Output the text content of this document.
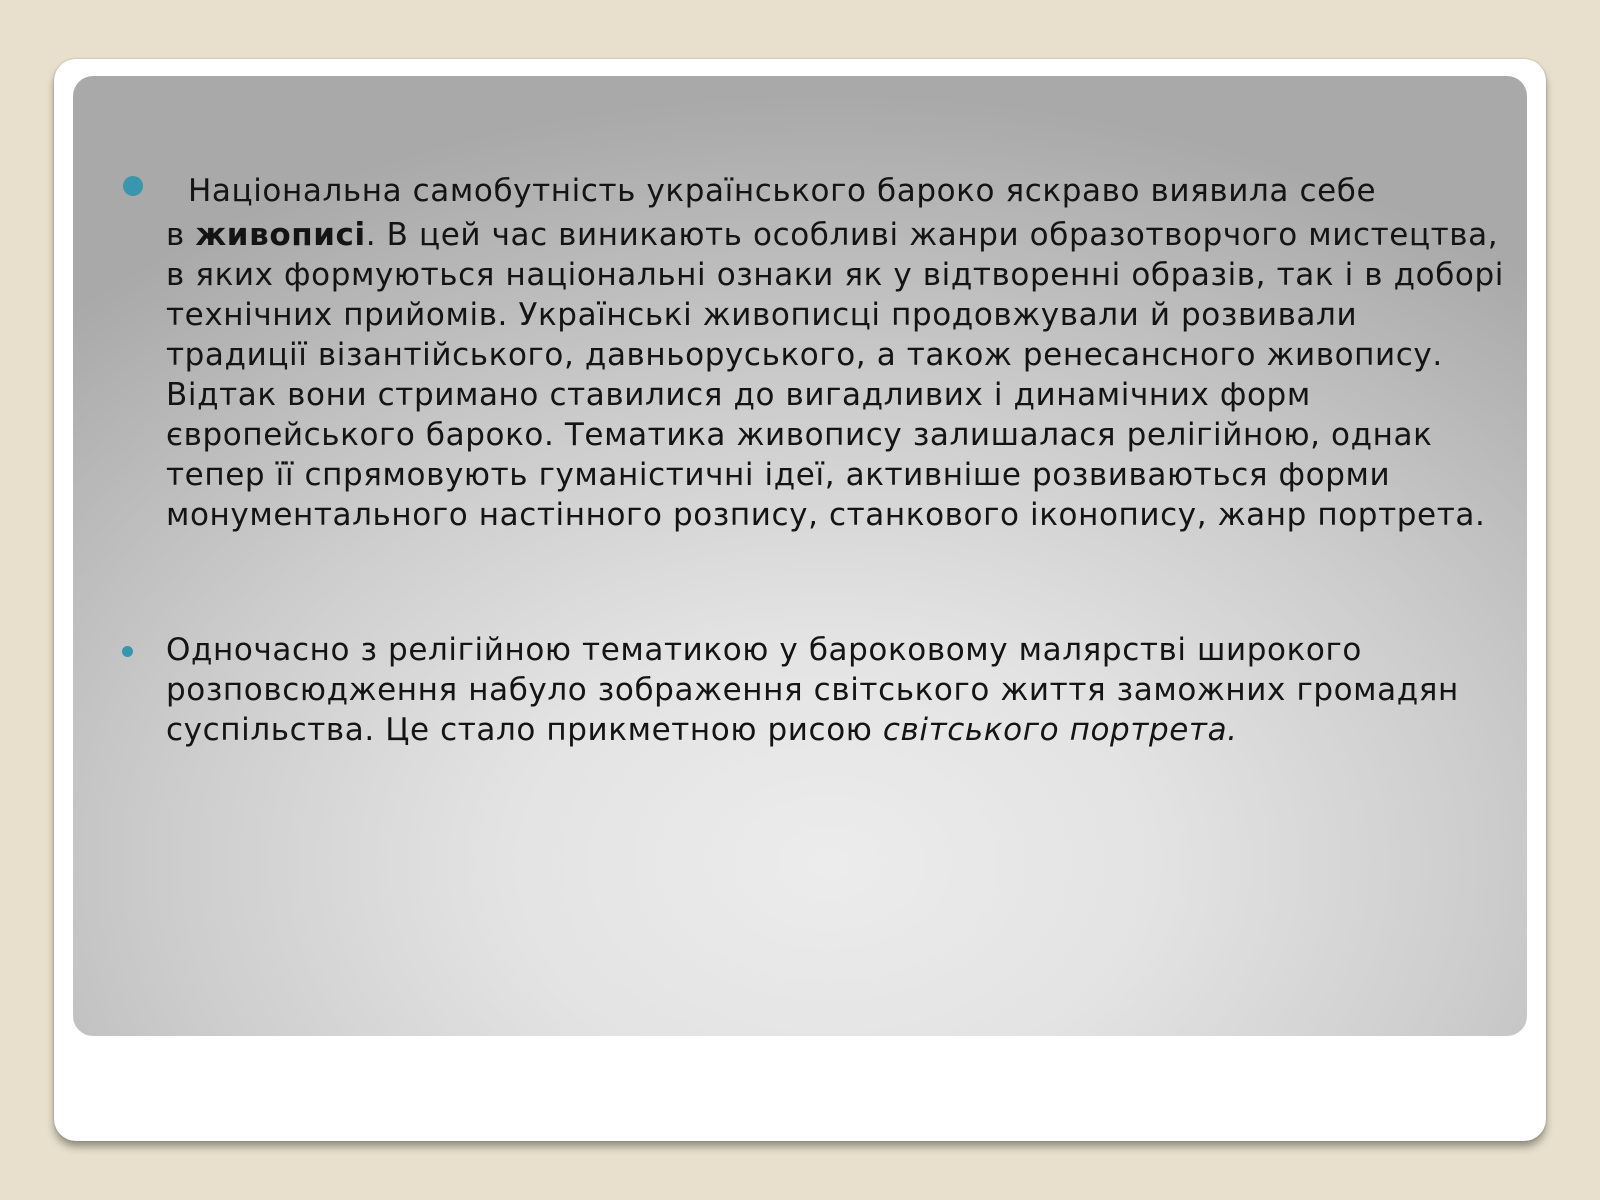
Національна самобутність українського бароко яскраво виявила себе
в живописі. В цей час виникають особливі жанри образотворчого мистецтва, в яких формуються національні ознаки як у відтворенні образів, так і в доборі технічних прийомів. Українські живописці продовжували й розвивали традиції візантійського, давньоруського, а також ренесансного живопису. Відтак вони стримано ставилися до вигадливих і динамічних форм європейського бароко. Тематика живопису залишалася релігійною, однак тепер її спрямовують гуманістичні ідеї, активніше розвиваються форми монументального настінного розпису, станкового іконопису, жанр портрета.
Одночасно з релігійною тематикою у бароковому малярстві широкого розповсюдження набуло зображення світського життя заможних громадян суспільства. Це стало прикметною рисою світського портрета.
